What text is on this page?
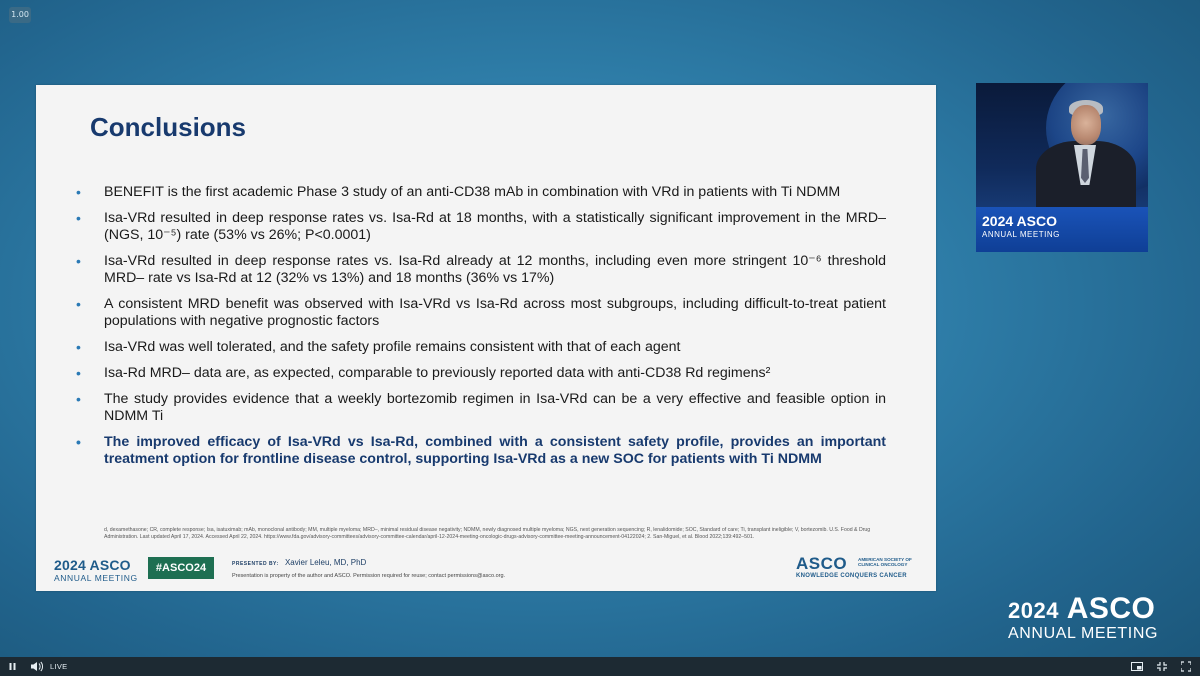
1.00
Conclusions
• BENEFIT is the first academic Phase 3 study of an anti-CD38 mAb in combination with VRd in patients with Ti NDMM
• Isa-VRd resulted in deep response rates vs. Isa-Rd at 18 months, with a statistically significant improvement in the MRD– (NGS, 10⁻⁵) rate (53% vs 26%; P<0.0001)
• Isa-VRd resulted in deep response rates vs. Isa-Rd already at 12 months, including even more stringent 10⁻⁶ threshold MRD– rate vs Isa-Rd at 12 (32% vs 13%) and 18 months (36% vs 17%)
• A consistent MRD benefit was observed with Isa-VRd vs Isa-Rd across most subgroups, including difficult-to-treat patient populations with negative prognostic factors
• Isa-VRd was well tolerated, and the safety profile remains consistent with that of each agent
• Isa-Rd MRD– data are, as expected, comparable to previously reported data with anti-CD38 Rd regimens²
• The study provides evidence that a weekly bortezomib regimen in Isa-VRd can be a very effective and feasible option in NDMM Ti
• The improved efficacy of Isa-VRd vs Isa-Rd, combined with a consistent safety profile, provides an important treatment option for frontline disease control, supporting Isa-VRd as a new SOC for patients with Ti NDMM
d, dexamethasone; CR, complete response; Isa, isatuximab; mAb, monoclonal antibody; MM, multiple myeloma; MRD–, minimal residual disease negativity; NDMM, newly diagnosed multiple myeloma; NGS, next generation sequencing; R, lenalidomide; SOC, Standard of care; Ti, transplant ineligible; V, bortezomib. U.S. Food & Drug Administration. Last updated April 17, 2024. Accessed April 22, 2024. https://www.fda.gov/advisory-committees/advisory-committee-calendar/april-12-2024-meeting-oncologic-drugs-advisory-committee-meeting-announcement-04122024; 2. San-Miguel, et al. Blood 2022;139:492–501.
2024 ASCO
ANNUAL MEETING
#ASCO24	PRESENTED BY: Xavier Leleu, MD, PhD
Presentation is property of the author and ASCO. Permission required for reuse; contact permissions@asco.org.
ASCO AMERICAN SOCIETY OF CLINICAL ONCOLOGY
KNOWLEDGE CONQUERS CANCER
2024 ASCO
ANNUAL MEETING
2024 ASCO
ANNUAL MEETING
LIVE
